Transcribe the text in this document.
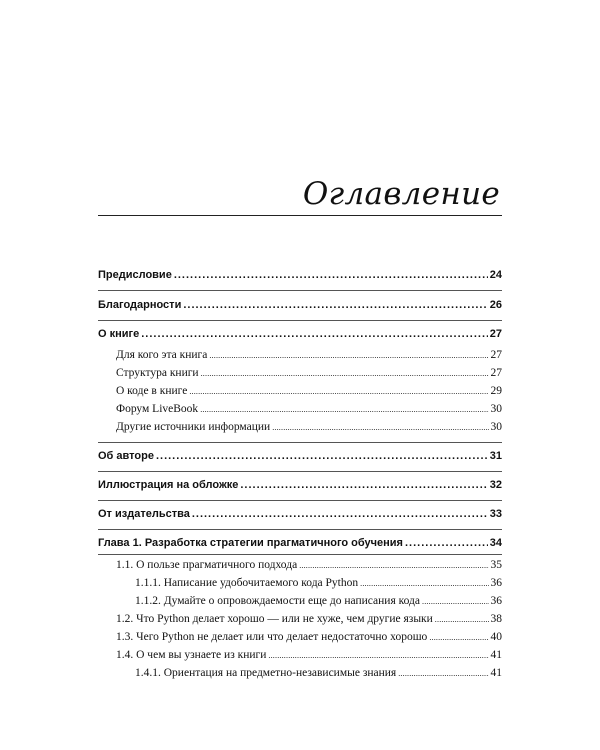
Оглавление
Предисловие .....	24
Благодарности .....	26
О книге .....	27
Для кого эта книга .....	27
Структура книги .....	27
О коде в книге .....	29
Форум LiveBook .....	30
Другие источники информации .....	30
Об авторе .....	31
Иллюстрация на обложке .....	32
От издательства .....	33
Глава 1. Разработка стратегии прагматичного обучения .....	34
1.1. О пользе прагматичного подхода .....	35
1.1.1. Написание удобочитаемого кода Python .....	36
1.1.2. Думайте о опровождаемости еще до написания кода .....	36
1.2. Что Python делает хорошо — или не хуже, чем другие языки .....	38
1.3. Чего Python не делает или что делает недостаточно хорошо .....	40
1.4. О чем вы узнаете из книги .....	41
1.4.1. Ориентация на предметно-независимые знания .....	41
